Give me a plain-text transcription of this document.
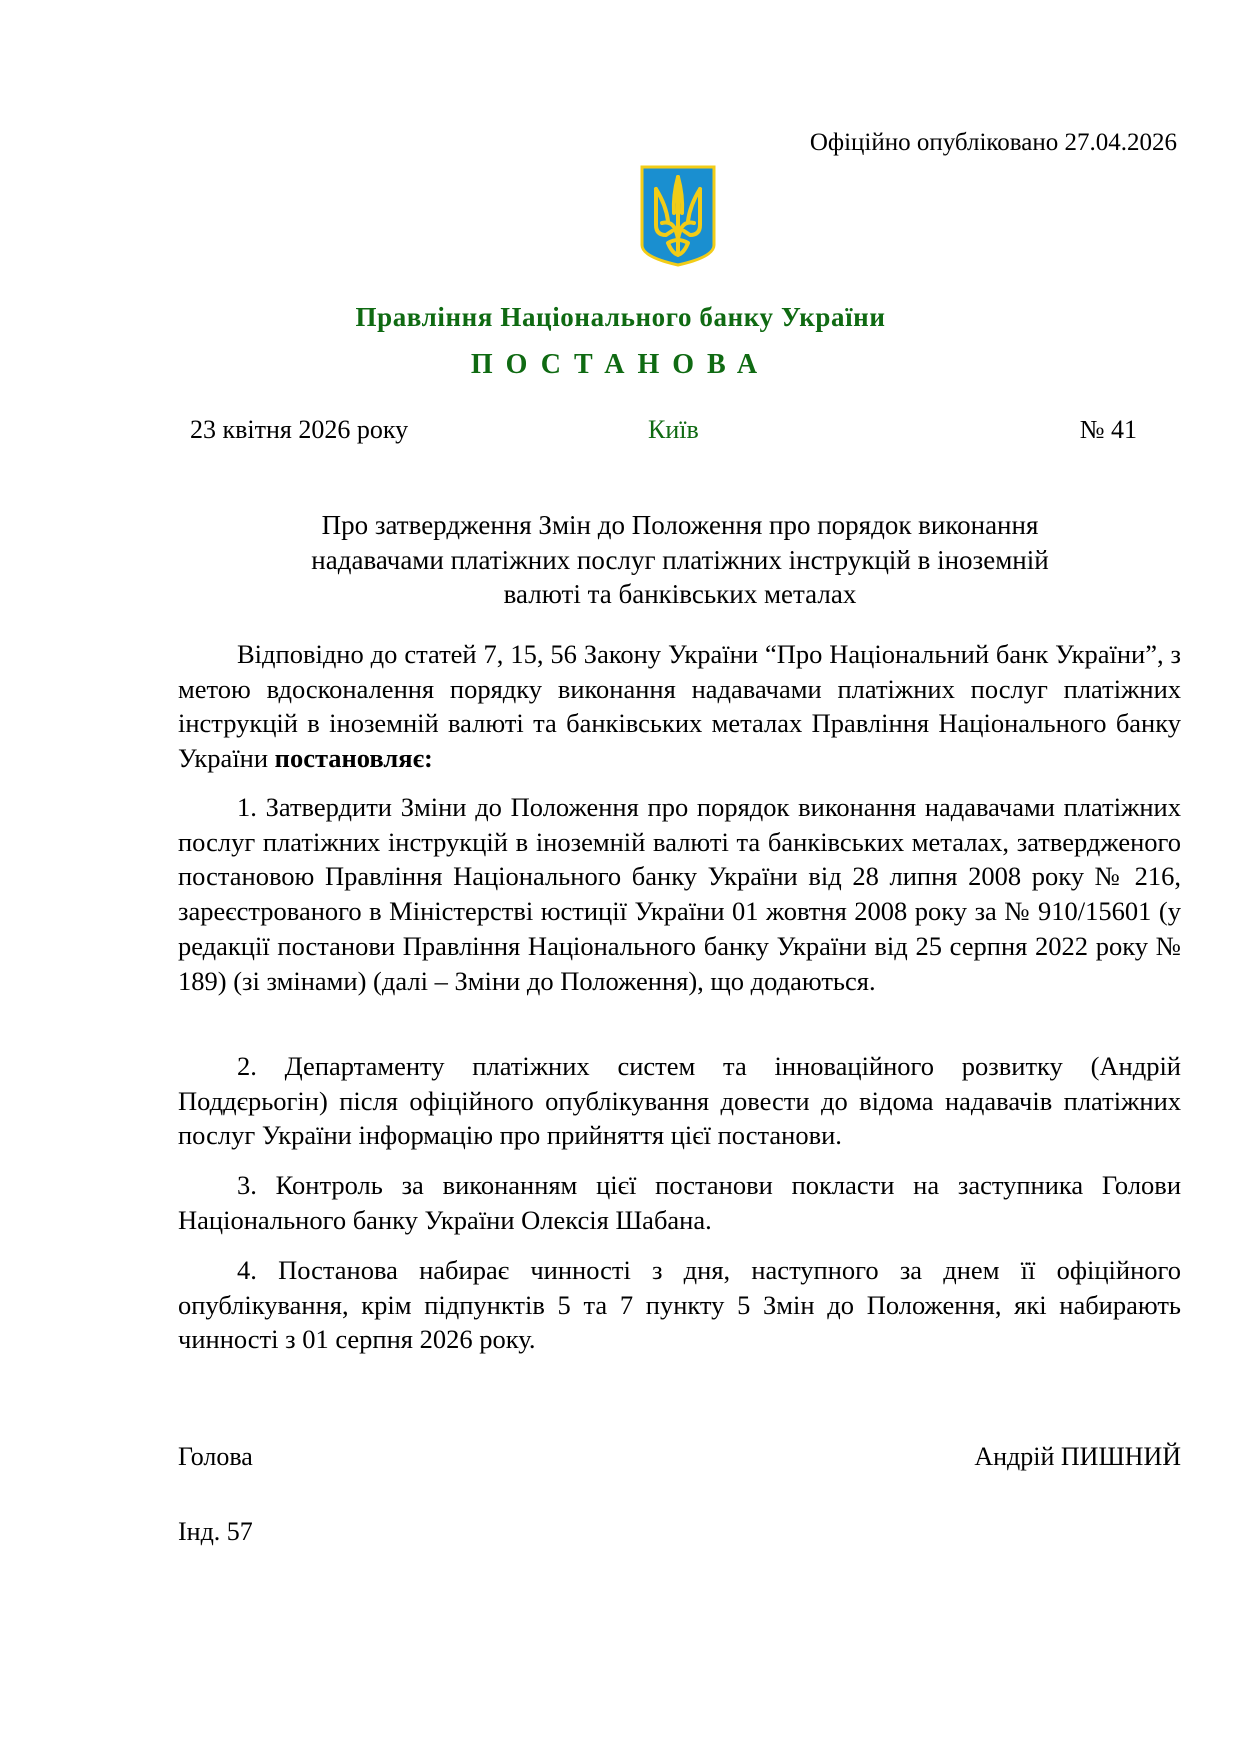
Офіційно опубліковано 27.04.2026
Правління Національного банку України
ПОСТАНОВА
23 квітня 2026 року	Київ	№ 41
Про затвердження Змін до Положення про порядок виконання надавачами платіжних послуг платіжних інструкцій в іноземній валюті та банківських металах

Відповідно до статей 7, 15, 56 Закону України “Про Національний банк України”, з метою вдосконалення порядку виконання надавачами платіжних послуг платіжних інструкцій в іноземній валюті та банківських металах Правління Національного банку України постановляє:

1. Затвердити Зміни до Положення про порядок виконання надавачами платіжних послуг платіжних інструкцій в іноземній валюті та банківських металах, затвердженого постановою Правління Національного банку України від 28 липня 2008 року № 216, зареєстрованого в Міністерстві юстиції України 01 жовтня 2008 року за № 910/15601 (у редакції постанови Правління Національного банку України від 25 серпня 2022 року № 189) (зі змінами) (далі – Зміни до Положення), що додаються.

2. Департаменту платіжних систем та інноваційного розвитку (Андрій Поддєрьогін) після офіційного опублікування довести до відома надавачів платіжних послуг України інформацію про прийняття цієї постанови.

3. Контроль за виконанням цієї постанови покласти на заступника Голови Національного банку України Олексія Шабана.

4. Постанова набирає чинності з дня, наступного за днем її офіційного опублікування, крім підпунктів 5 та 7 пункту 5 Змін до Положення, які набирають чинності з 01 серпня 2026 року.

Голова	Андрій ПИШНИЙ
Інд. 57
